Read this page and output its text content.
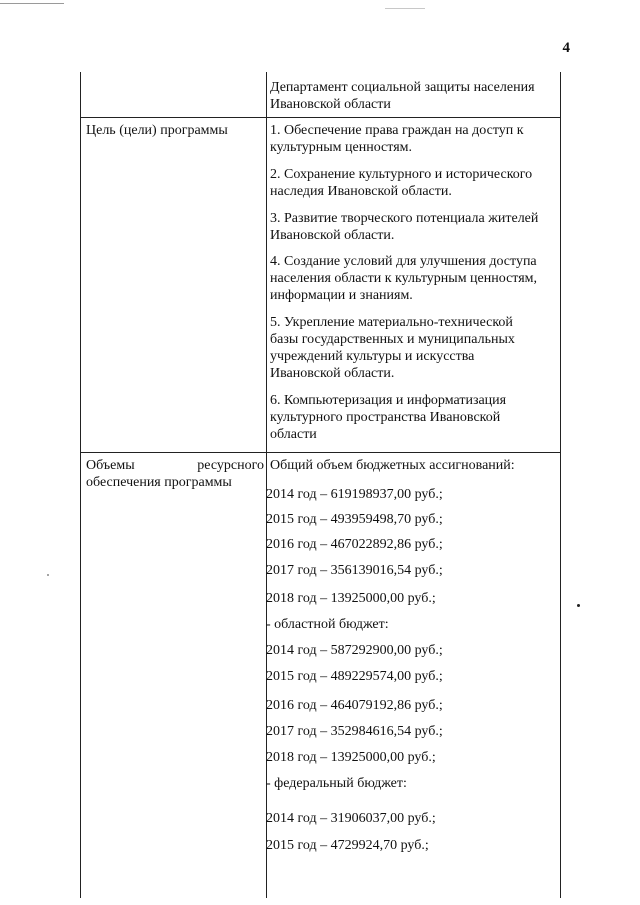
4
Департамент социальной защиты населения
Ивановской области
Цель (цели) программы	1. Обеспечение права граждан на доступ к
культурным ценностям.
2. Сохранение культурного и исторического
наследия Ивановской области.
3. Развитие творческого потенциала жителей
Ивановской области.
4. Создание условий для улучшения доступа
населения области к культурным ценностям,
информации и знаниям.
5. Укрепление материально-технической
базы государственных и муниципальных
учреждений культуры и искусства
Ивановской области.
6. Компьютеризация и информатизация
культурного пространства Ивановской
области
Объемы	ресурсного
обеспечения программы
Общий объем бюджетных ассигнований:
2014 год – 619198937,00 руб.;
2015 год – 493959498,70 руб.;
2016 год – 467022892,86 руб.;
2017 год – 356139016,54 руб.;
2018 год – 13925000,00 руб.;
- областной бюджет:
2014 год – 587292900,00 руб.;
2015 год – 489229574,00 руб.;
2016 год – 464079192,86 руб.;
2017 год – 352984616,54 руб.;
2018 год – 13925000,00 руб.;
- федеральный бюджет:
2014 год – 31906037,00 руб.;
2015 год – 4729924,70 руб.;
